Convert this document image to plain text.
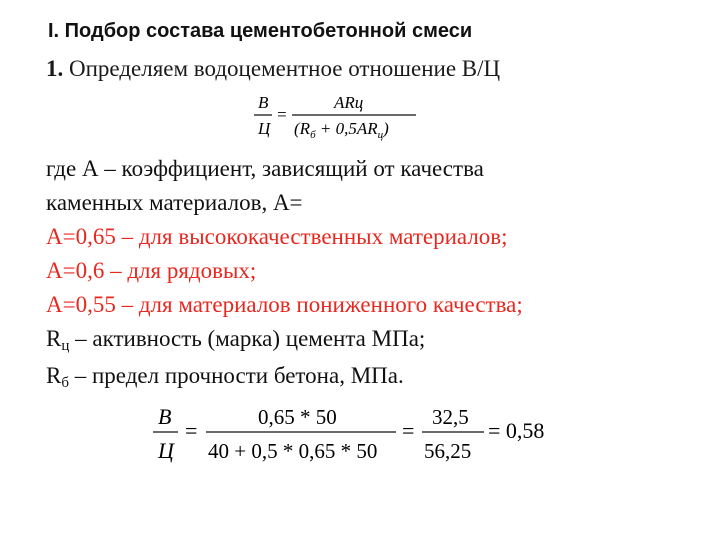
I. Подбор состава цементобетонной смеси
1. Определяем водоцементное отношение В/Ц
В
Ц
=
ARц
$(R_б + 0,5AR_ц)$
где А – коэффициент, зависящий от качества
каменных материалов, А=
А=0,65 – для высококачественных материалов;
А=0,6 – для рядовых;
А=0,55 – для материалов пониженного качества;
Rц – активность (марка) цемента МПа;
Rб – предел прочности бетона, МПа.
В
Ц
=
0,65 * 50
40 + 0,5 * 0,65 * 50
=
32,5
56,25
= 0,58
